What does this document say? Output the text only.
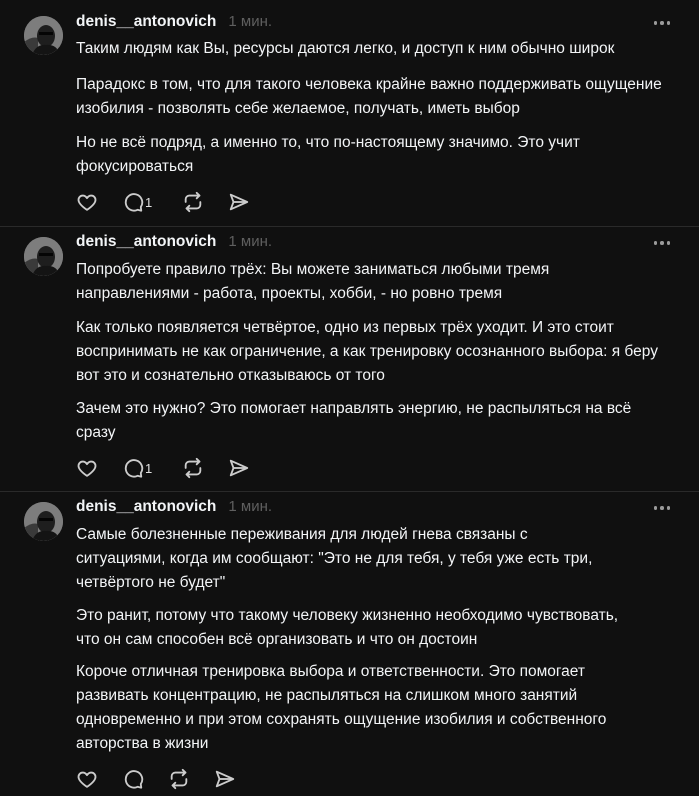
denis__antonovich 1 мин.

Таким людям как Вы, ресурсы даются легко, и доступ к ним обычно широк

Парадокс в том, что для такого человека крайне важно поддерживать ощущение изобилия - позволять себе желаемое, получать, иметь выбор

Но не всё подряд, а именно то, что по-настоящему значимо. Это учит фокусироваться

1
denis__antonovich 1 мин.

Попробуете правило трёх: Вы можете заниматься любыми тремя направлениями - работа, проекты, хобби, - но ровно тремя

Как только появляется четвёртое, одно из первых трёх уходит. И это стоит воспринимать не как ограничение, а как тренировку осознанного выбора: я беру вот это и сознательно отказываюсь от того

Зачем это нужно? Это помогает направлять энергию, не распыляться на всё сразу

1
denis__antonovich 1 мин.

Самые болезненные переживания для людей гнева связаны с ситуациями, когда им сообщают: "Это не для тебя, у тебя уже есть три, четвёртого не будет"

Это ранит, потому что такому человеку жизненно необходимо чувствовать, что он сам способен всё организовать и что он достоин

Короче отличная тренировка выбора и ответственности. Это помогает развивать концентрацию, не распыляться на слишком много занятий одновременно и при этом сохранять ощущение изобилия и собственного авторства в жизни
